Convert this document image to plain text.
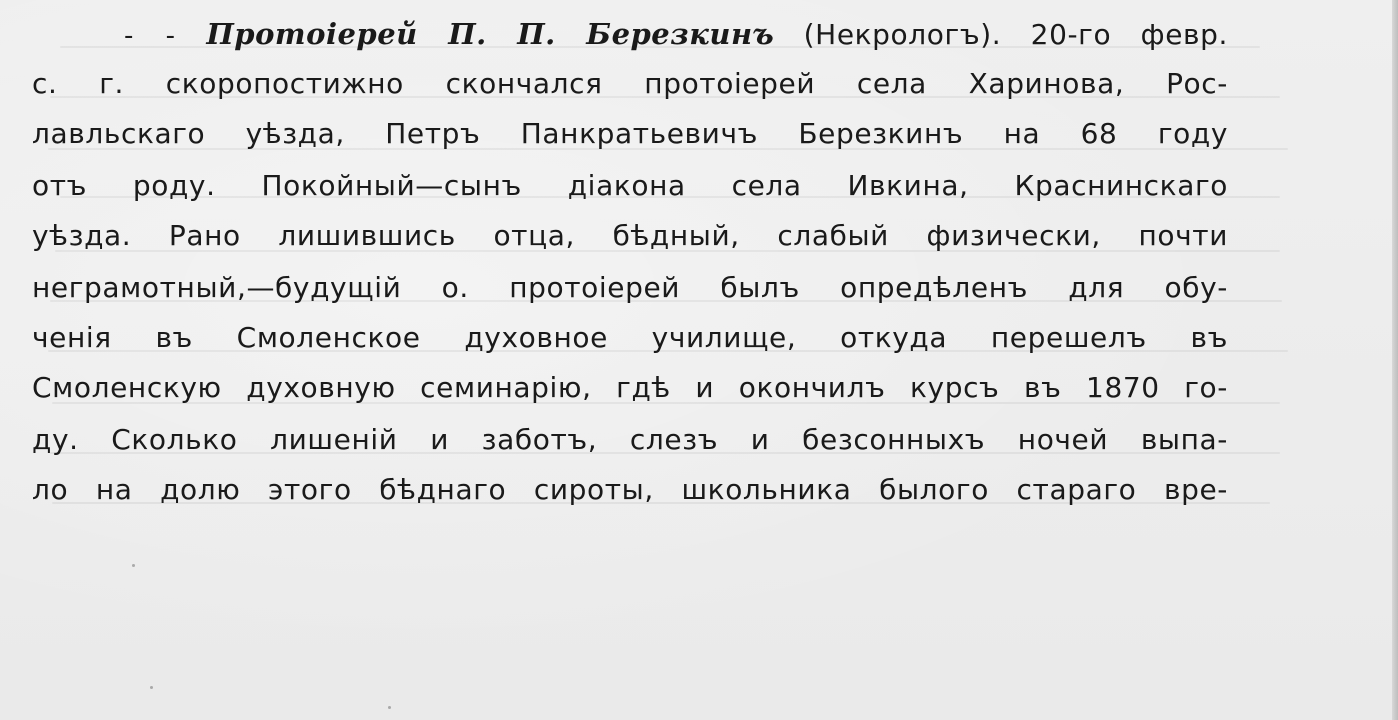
- - Протоіерей П. П. Березкинъ (Некрологъ). 20-го февр.
с. г. скоропостижно скончался протоіерей села Харинова, Рос-
лавльскаго уѣзда, Петръ Панкратьевичъ Березкинъ на 68 году
отъ роду. Покойный—сынъ діакона села Ивкина, Краснинскаго
уѣзда. Рано лишившись отца, бѣдный, слабый физически, почти
неграмотный,—будущій о. протоіерей былъ опредѣленъ для обу-
ченія въ Смоленское духовное училище, откуда перешелъ въ
Смоленскую духовную семинарію, гдѣ и окончилъ курсъ въ 1870 го-
ду. Сколько лишеній и заботъ, слезъ и безсонныхъ ночей выпа-
ло на долю этого бѣднаго сироты, школьника былого стараго вре-
